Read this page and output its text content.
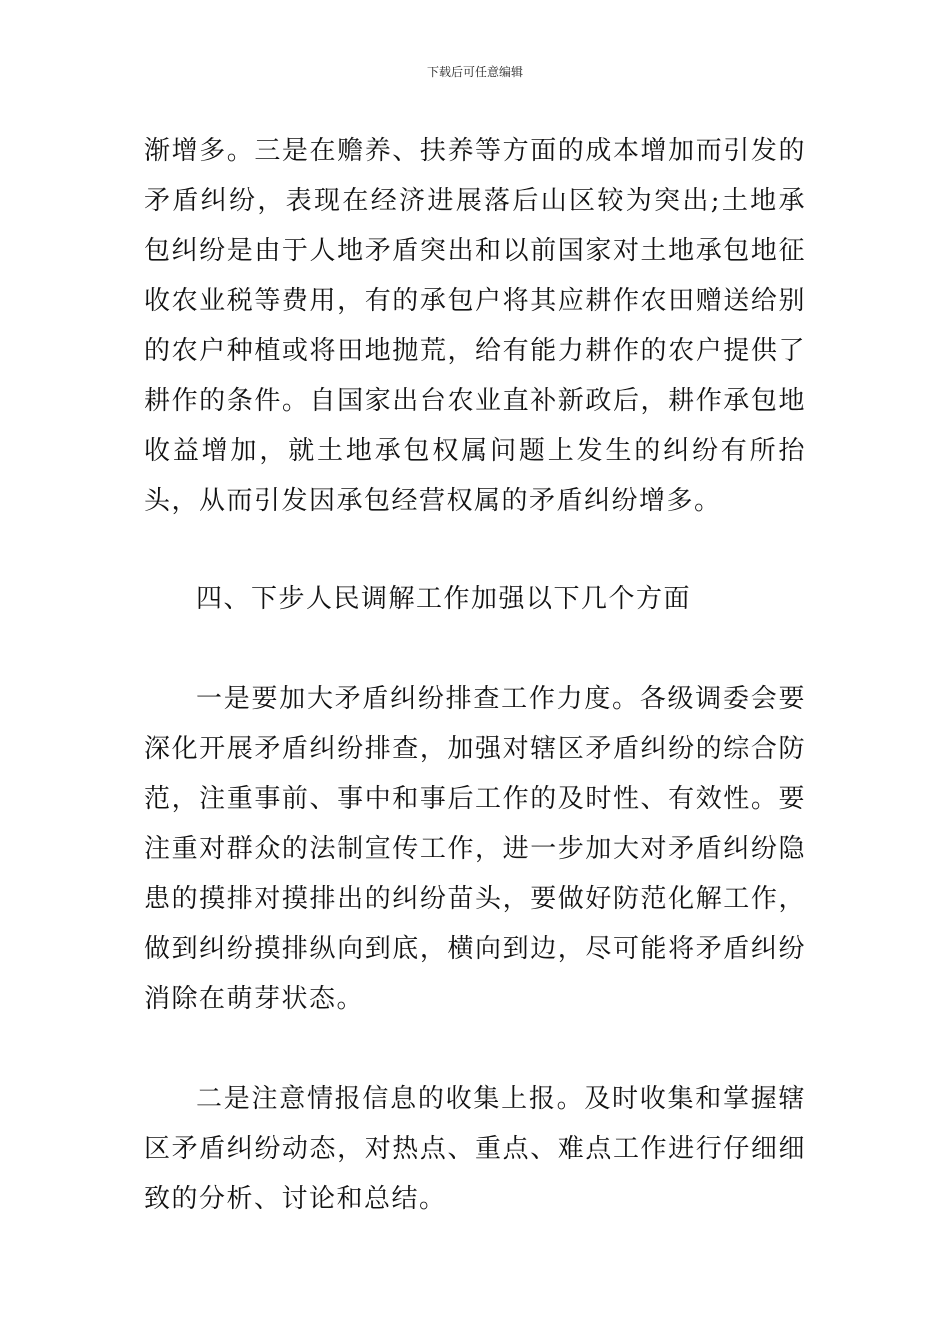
下载后可任意编辑

渐增多。三是在赡养、扶养等方面的成本增加而引发的矛盾纠纷，表现在经济进展落后山区较为突出;土地承包纠纷是由于人地矛盾突出和以前国家对土地承包地征收农业税等费用，有的承包户将其应耕作农田赠送给别的农户种植或将田地抛荒，给有能力耕作的农户提供了耕作的条件。自国家出台农业直补新政后，耕作承包地收益增加，就土地承包权属问题上发生的纠纷有所抬头，从而引发因承包经营权属的矛盾纠纷增多。

四、下步人民调解工作加强以下几个方面

一是要加大矛盾纠纷排查工作力度。各级调委会要深化开展矛盾纠纷排查，加强对辖区矛盾纠纷的综合防范，注重事前、事中和事后工作的及时性、有效性。要注重对群众的法制宣传工作，进一步加大对矛盾纠纷隐患的摸排对摸排出的纠纷苗头，要做好防范化解工作，做到纠纷摸排纵向到底，横向到边，尽可能将矛盾纠纷消除在萌芽状态。

二是注意情报信息的收集上报。及时收集和掌握辖区矛盾纠纷动态，对热点、重点、难点工作进行仔细细致的分析、讨论和总结。
